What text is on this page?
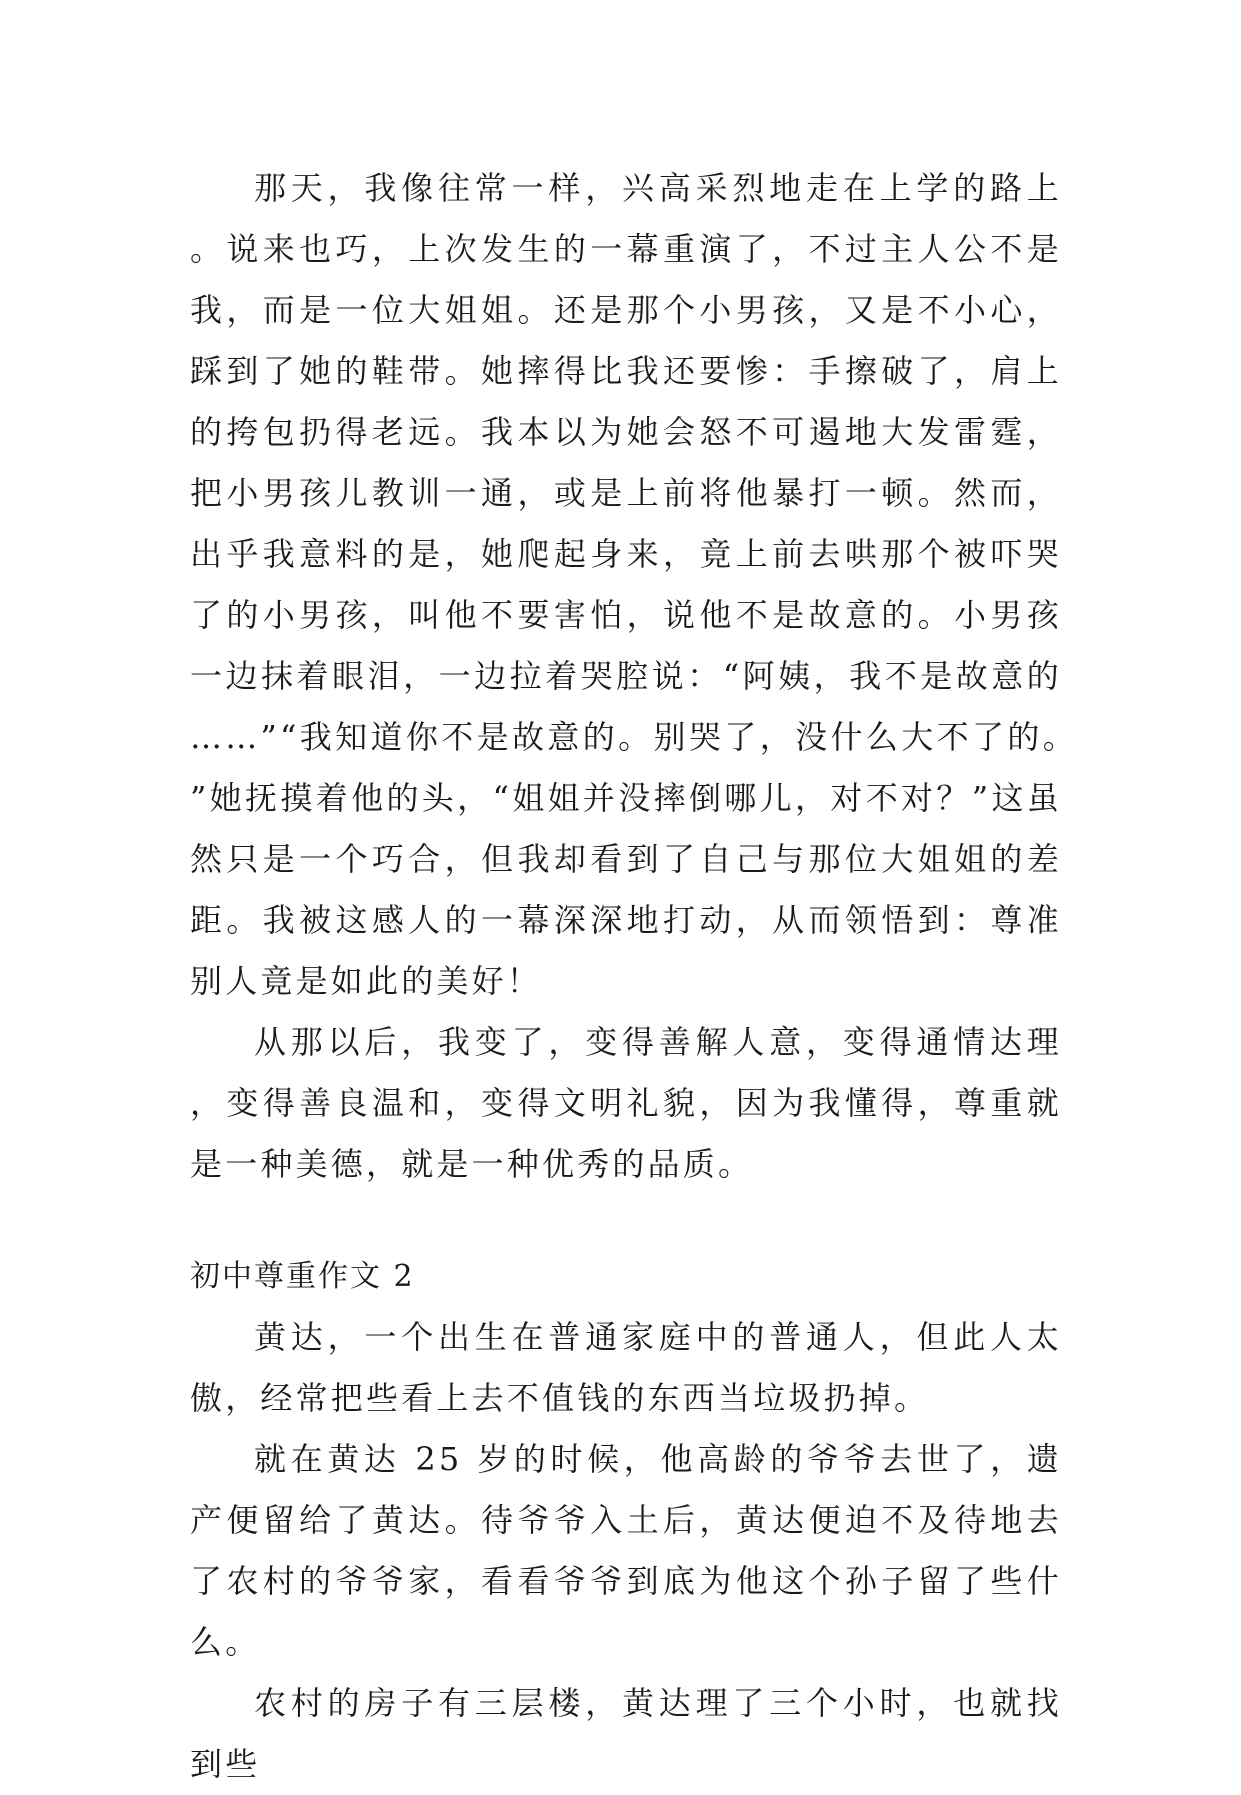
那天，我像往常一样，兴高采烈地走在上学的路上。说来也巧，上次发生的一幕重演了，不过主人公不是我，而是一位大姐姐。还是那个小男孩，又是不小心，踩到了她的鞋带。她摔得比我还要惨：手擦破了，肩上的挎包扔得老远。我本以为她会怒不可遏地大发雷霆，把小男孩儿教训一通，或是上前将他暴打一顿。然而，出乎我意料的是，她爬起身来，竟上前去哄那个被吓哭了的小男孩，叫他不要害怕，说他不是故意的。小男孩一边抹着眼泪，一边拉着哭腔说：“阿姨，我不是故意的……”“我知道你不是故意的。别哭了，没什么大不了的。”她抚摸着他的头，“姐姐并没摔倒哪儿，对不对？”这虽然只是一个巧合，但我却看到了自己与那位大姐姐的差距。我被这感人的一幕深深地打动，从而领悟到：尊准别人竟是如此的美好！

从那以后，我变了，变得善解人意，变得通情达理，变得善良温和，变得文明礼貌，因为我懂得，尊重就是一种美德，就是一种优秀的品质。

初中尊重作文 2

黄达，一个出生在普通家庭中的普通人，但此人太傲，经常把些看上去不值钱的东西当垃圾扔掉。

就在黄达 25 岁的时候，他高龄的爷爷去世了，遗产便留给了黄达。待爷爷入土后，黄达便迫不及待地去了农村的爷爷家，看看爷爷到底为他这个孙子留了些什么。

农村的房子有三层楼，黄达理了三个小时，也就找到些
